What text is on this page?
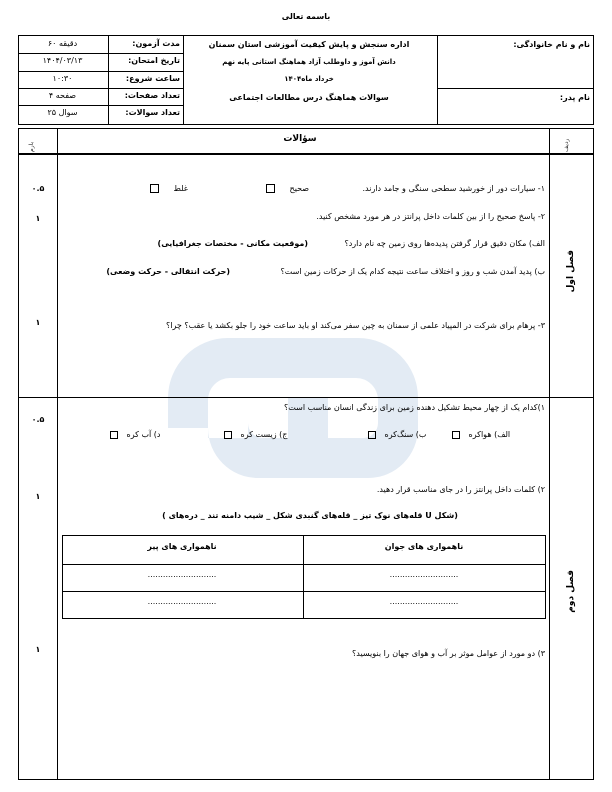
باسمه تعالی
نام و نام خانوادگی:
نام پدر:
اداره سنجش و پایش کیفیت آموزشی استان سمنان
دانش آموز و داوطلب آزاد هماهنگ استانی پایه نهم
خرداد ماه۱۴۰۴
سوالات هماهنگ درس مطالعات اجتماعی
مدت آزمون:
۶۰ دقیقه
تاریخ امتحان:
۱۴۰۴/۰۳/۱۳
ساعت شروع:
۱۰:۳۰
تعداد صفحات:
۴ صفحه
تعداد سوالات:
۲۵ سوال
بارم
سؤالات	ردیف
فصل اول
۰.۵
۱
۱
۱- سیارات دور از خورشید سطحی سنگی و جامد دارند.
صحیح
غلط
۲- پاسخ صحیح را از بین کلمات داخل پرانتز در هر مورد مشخص کنید.
الف) مکان دقیق قرار گرفتن پدیده‌ها روی زمین چه نام دارد؟
(موقعیت مکانی - مختصات جغرافیایی)
ب) پدید آمدن شب و روز و اختلاف ساعت نتیجه کدام یک از حرکات زمین است؟
(حرکت انتقالی - حرکت وضعی)
۳- پرهام برای شرکت در المپیاد علمی از سمنان به چین سفر می‌کند او باید ساعت خود را جلو بکشد یا عقب؟ چرا؟
فصل دوم
۰.۵
۱
۱
۱)کدام یک از چهار محیط تشکیل دهنده زمین برای زندگی انسان مناسب است؟
الف) هواکره
ب) سنگ‌کره
ج) زیست کره
د) آب کره
۲) کلمات داخل پرانتز را در جای مناسب قرار دهید.
( قله‌های نوک تیز _ قله‌های گنبدی شکل _ شیب دامنه تند _ دره‌های U شکل)
ناهمواری های جوان
ناهمواری های پیر
...........................
...........................
...........................
...........................
۳) دو مورد از عوامل موثر بر آب و هوای جهان را بنویسید؟
